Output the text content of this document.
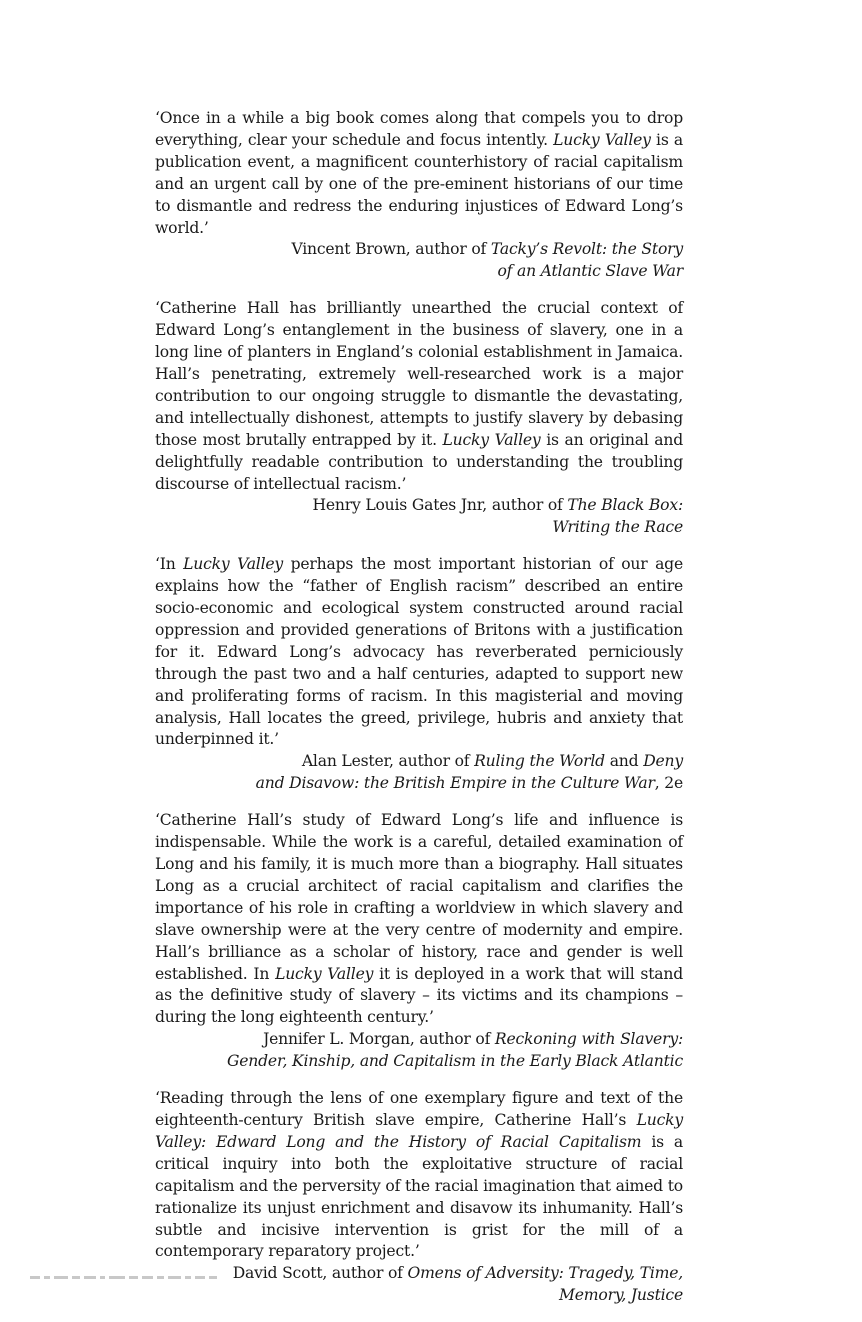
‘Once in a while a big book comes along that compels you to drop everything, clear your schedule and focus intently. Lucky Valley is a publication event, a magnificent counterhistory of racial capitalism and an urgent call by one of the pre-eminent historians of our time to dismantle and redress the enduring injustices of Edward Long’s world.’

Vincent Brown, author of Tacky’s Revolt: the Story
of an Atlantic Slave War

‘Catherine Hall has brilliantly unearthed the crucial context of Edward Long’s entanglement in the business of slavery, one in a long line of planters in England’s colonial establishment in Jamaica. Hall’s penetrating, extremely well-researched work is a major contribution to our ongoing struggle to dismantle the devastating, and intellectually dishonest, attempts to justify slavery by debasing those most brutally entrapped by it. Lucky Valley is an original and delightfully readable contribution to understanding the troubling discourse of intellectual racism.’

Henry Louis Gates Jnr, author of The Black Box:
Writing the Race

‘In Lucky Valley perhaps the most important historian of our age explains how the “father of English racism” described an entire socio-economic and ecological system constructed around racial oppression and provided generations of Britons with a justification for it. Edward Long’s advocacy has reverberated perniciously through the past two and a half centuries, adapted to support new and proliferating forms of racism. In this magisterial and moving analysis, Hall locates the greed, privilege, hubris and anxiety that underpinned it.’

Alan Lester, author of Ruling the World and Deny
and Disavow: the British Empire in the Culture War, 2e

‘Catherine Hall’s study of Edward Long’s life and influence is indispensable. While the work is a careful, detailed examination of Long and his family, it is much more than a biography. Hall situates Long as a crucial architect of racial capitalism and clarifies the importance of his role in crafting a worldview in which slavery and slave ownership were at the very centre of modernity and empire. Hall’s brilliance as a scholar of history, race and gender is well established. In Lucky Valley it is deployed in a work that will stand as the definitive study of slavery – its victims and its champions – during the long eighteenth century.’

Jennifer L. Morgan, author of Reckoning with Slavery:
Gender, Kinship, and Capitalism in the Early Black Atlantic

‘Reading through the lens of one exemplary figure and text of the eighteenth-century British slave empire, Catherine Hall’s Lucky Valley: Edward Long and the History of Racial Capitalism is a critical inquiry into both the exploitative structure of racial capitalism and the perversity of the racial imagination that aimed to rationalize its unjust enrichment and disavow its inhumanity. Hall’s subtle and incisive intervention is grist for the mill of a contemporary reparatory project.’

David Scott, author of Omens of Adversity: Tragedy, Time,
Memory, Justice
